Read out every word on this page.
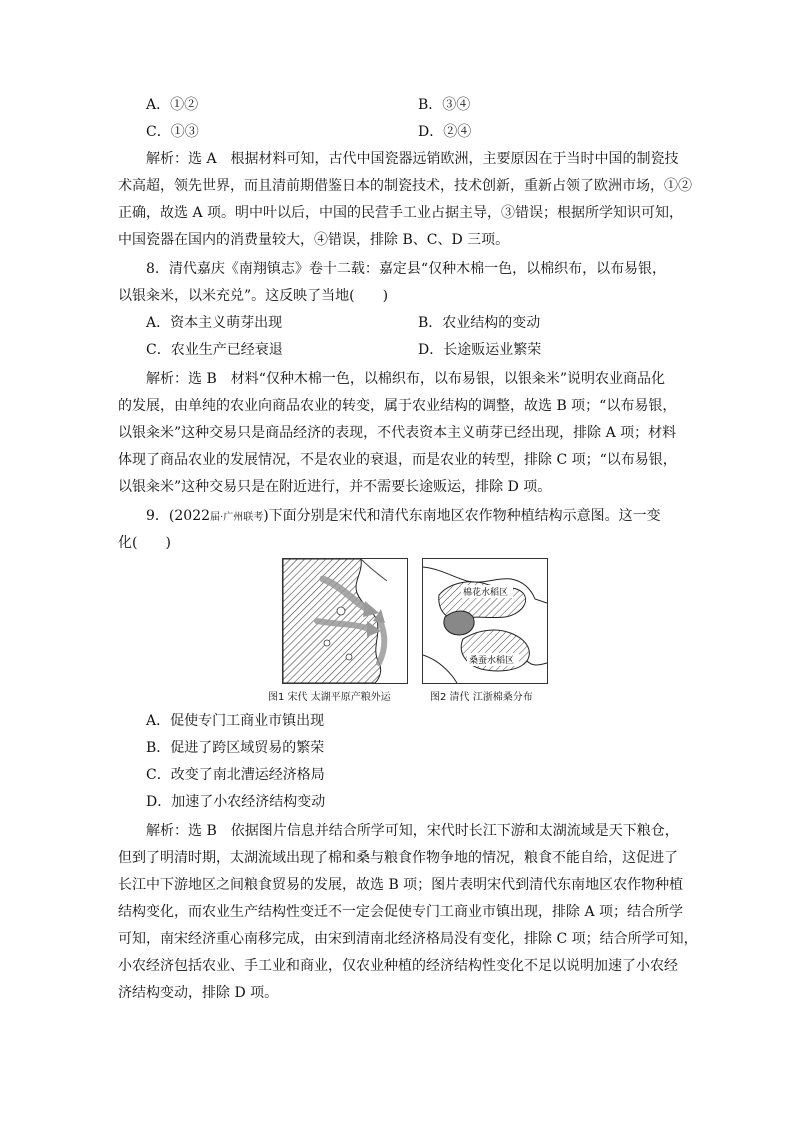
A．①②	B．③④
C．①③	D．②④
解析：选 A　根据材料可知，古代中国瓷器远销欧洲，主要原因在于当时中国的制瓷技
术高超，领先世界，而且清前期借鉴日本的制瓷技术，技术创新，重新占领了欧洲市场，①②
正确，故选 A 项。明中叶以后，中国的民营手工业占据主导，③错误；根据所学知识可知，
中国瓷器在国内的消费量较大，④错误，排除 B、C、D 三项。
8．清代嘉庆《南翔镇志》卷十二载：嘉定县“仅种木棉一色，以棉织布，以布易银，
以银籴米，以米充兑”。这反映了当地(　　)
A．资本主义萌芽出现	B．农业结构的变动
C．农业生产已经衰退	D．长途贩运业繁荣
解析：选 B　材料“仅种木棉一色，以棉织布，以布易银，以银籴米”说明农业商品化
的发展，由单纯的农业向商品农业的转变，属于农业结构的调整，故选 B 项；“以布易银，
以银籴米”这种交易只是商品经济的表现，不代表资本主义萌芽已经出现，排除 A 项；材料
体现了商品农业的发展情况，不是农业的衰退，而是农业的转型，排除 C 项；“以布易银，
以银籴米”这种交易只是在附近进行，并不需要长途贩运，排除 D 项。
9．(2022届·广州联考)下面分别是宋代和清代东南地区农作物种植结构示意图。这一变
化(　　)
棉花水稻区
桑蚕水稻区
图1 宋代 太湖平原产粮外运	图2 清代 江浙棉桑分布
A．促使专门工商业市镇出现
B．促进了跨区域贸易的繁荣
C．改变了南北漕运经济格局
D．加速了小农经济结构变动
解析：选 B　依据图片信息并结合所学可知，宋代时长江下游和太湖流域是天下粮仓，
但到了明清时期，太湖流域出现了棉和桑与粮食作物争地的情况，粮食不能自给，这促进了
长江中下游地区之间粮食贸易的发展，故选 B 项；图片表明宋代到清代东南地区农作物种植
结构变化，而农业生产结构性变迁不一定会促使专门工商业市镇出现，排除 A 项；结合所学
可知，南宋经济重心南移完成，由宋到清南北经济格局没有变化，排除 C 项；结合所学可知，
小农经济包括农业、手工业和商业，仅农业种植的经济结构性变化不足以说明加速了小农经
济结构变动，排除 D 项。
